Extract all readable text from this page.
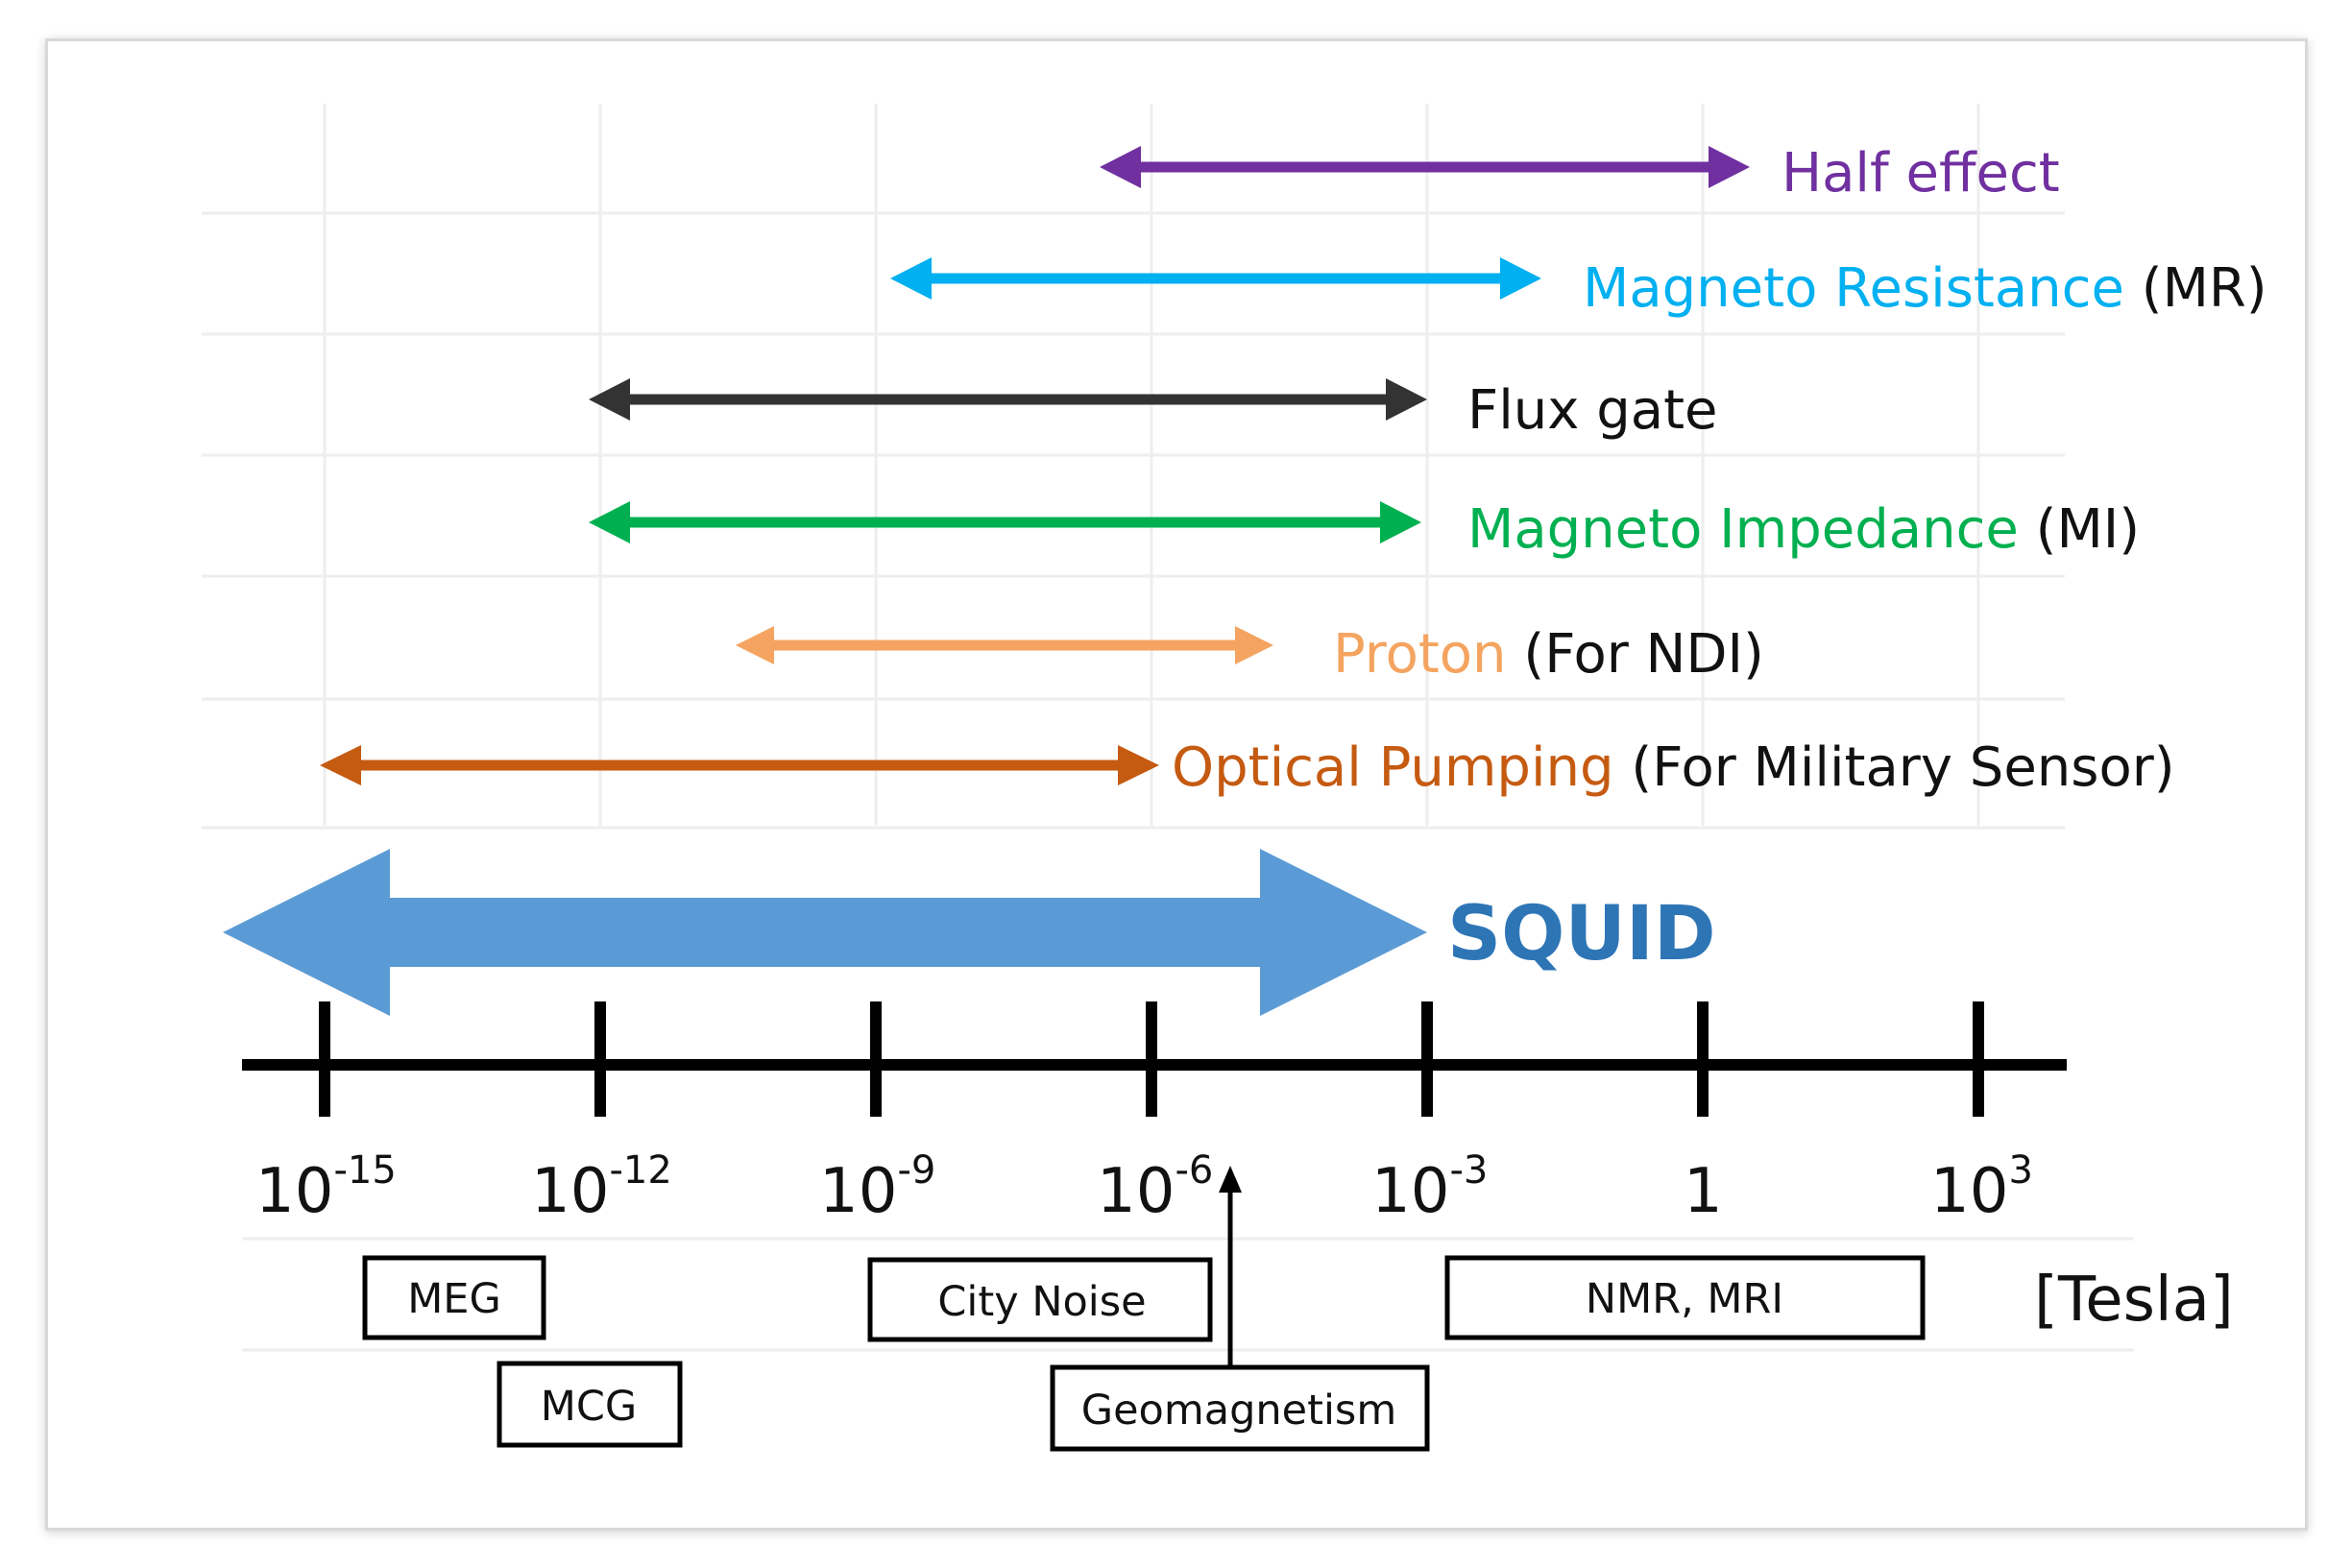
Half effect
Magneto Resistance (MR)
Flux gate
Magneto Impedance (MI)
Proton (For NDI)
Optical Pumping (For Military Sensor)
SQUID
$10^{-15}$ $10^{-12}$ $10^{-9}$	$10^{-6}$	$10^{-3}$	1	$10^3$
[Tesla]
MEG	City Noise	NMR, MRI
MCG	Geomagnetism
